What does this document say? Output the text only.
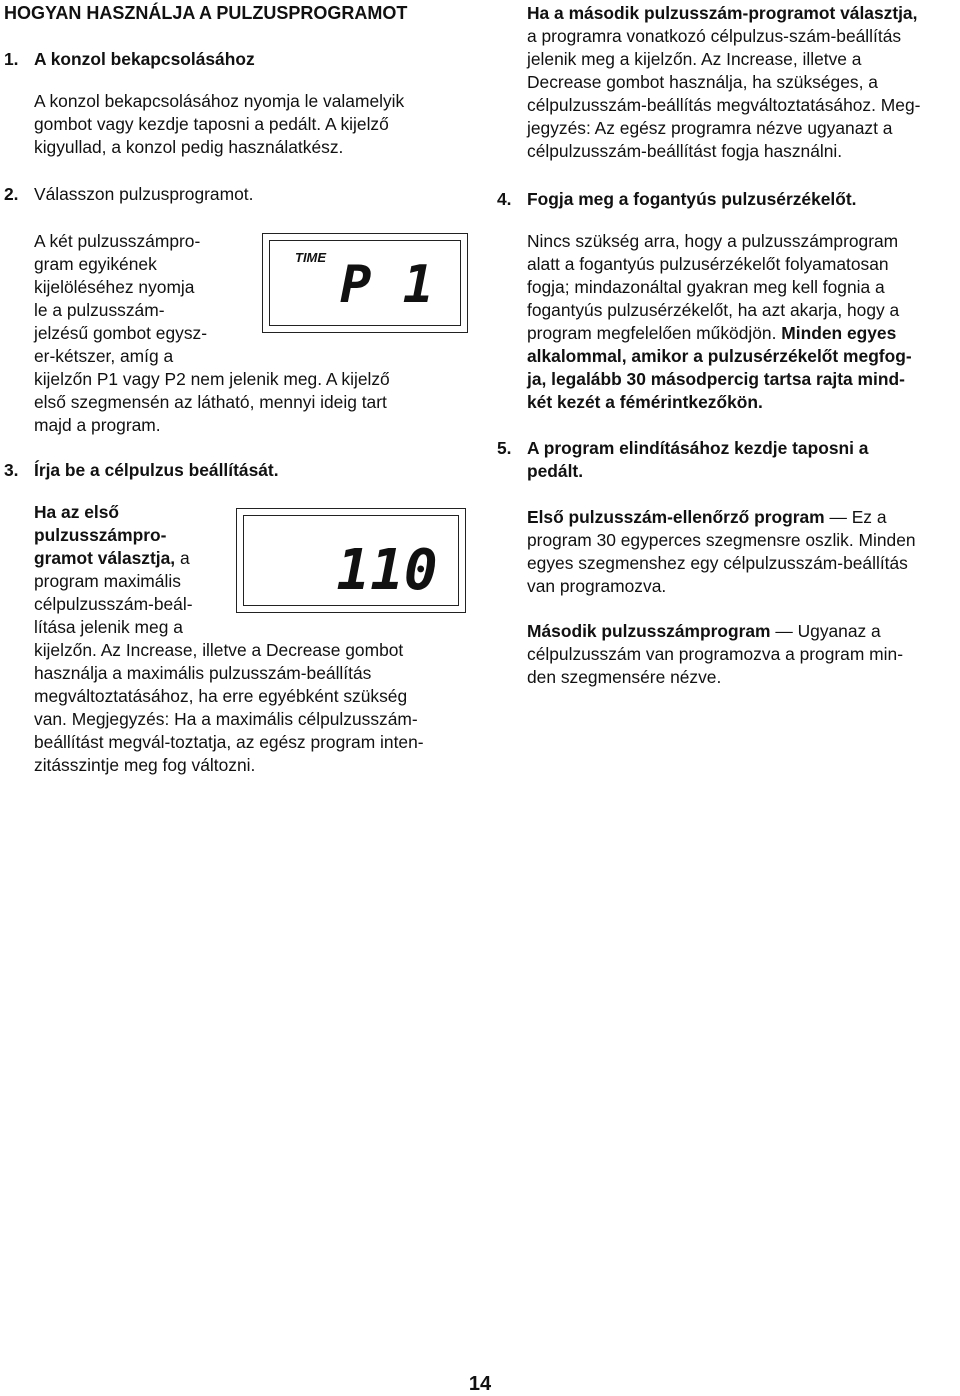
HOGYAN HASZNÁLJA A PULZUSPROGRAMOT
1. A konzol bekapcsolásához
A konzol bekapcsolásához nyomja le valamelyik
gombot vagy kezdje taposni a pedált. A kijelző
kigyullad, a konzol pedig használatkész.
2. Válasszon pulzusprogramot.
A két pulzusszámpro-
gram egyikének
kijelöléséhez nyomja
le a pulzusszám-
jelzésű gombot egysz-
er-kétszer, amíg a
kijelzőn P1 vagy P2 nem jelenik meg. A kijelző
első szegmensén az látható, mennyi ideig tart
majd a program.
TIME P 1
3. Írja be a célpulzus beállítását.
Ha az első
pulzusszámpro-
gramot választja, a
program maximális
célpulzusszám-beál-
lítása jelenik meg a
kijelzőn. Az Increase, illetve a Decrease gombot
használja a maximális pulzusszám-beállítás
megváltoztatásához, ha erre egyébként szükség
van. Megjegyzés: Ha a maximális célpulzusszám-
beállítást megvál-toztatja, az egész program inten-
zitásszintje meg fog változni.
110
Ha a második pulzusszám-programot választja,
a programra vonatkozó célpulzus-szám-beállítás
jelenik meg a kijelzőn. Az Increase, illetve a
Decrease gombot használja, ha szükséges, a
célpulzusszám-beállítás megváltoztatásához. Meg-
jegyzés: Az egész programra nézve ugyanazt a
célpulzusszám-beállítást fogja használni.
4. Fogja meg a fogantyús pulzusérzékelőt.
Nincs szükség arra, hogy a pulzusszámprogram
alatt a fogantyús pulzusérzékelőt folyamatosan
fogja; mindazonáltal gyakran meg kell fognia a
fogantyús pulzusérzékelőt, ha azt akarja, hogy a
program megfelelően működjön. Minden egyes
alkalommal, amikor a pulzusérzékelőt megfog-
ja, legalább 30 másodpercig tartsa rajta mind-
két kezét a fémérintkezőkön.
5. A program elindításához kezdje taposni a
pedált.
Első pulzusszám-ellenőrző program — Ez a
program 30 egyperces szegmensre oszlik. Minden
egyes szegmenshez egy célpulzusszám-beállítás
van programozva.
Második pulzusszámprogram — Ugyanaz a
célpulzusszám van programozva a program min-
den szegmensére nézve.
14
